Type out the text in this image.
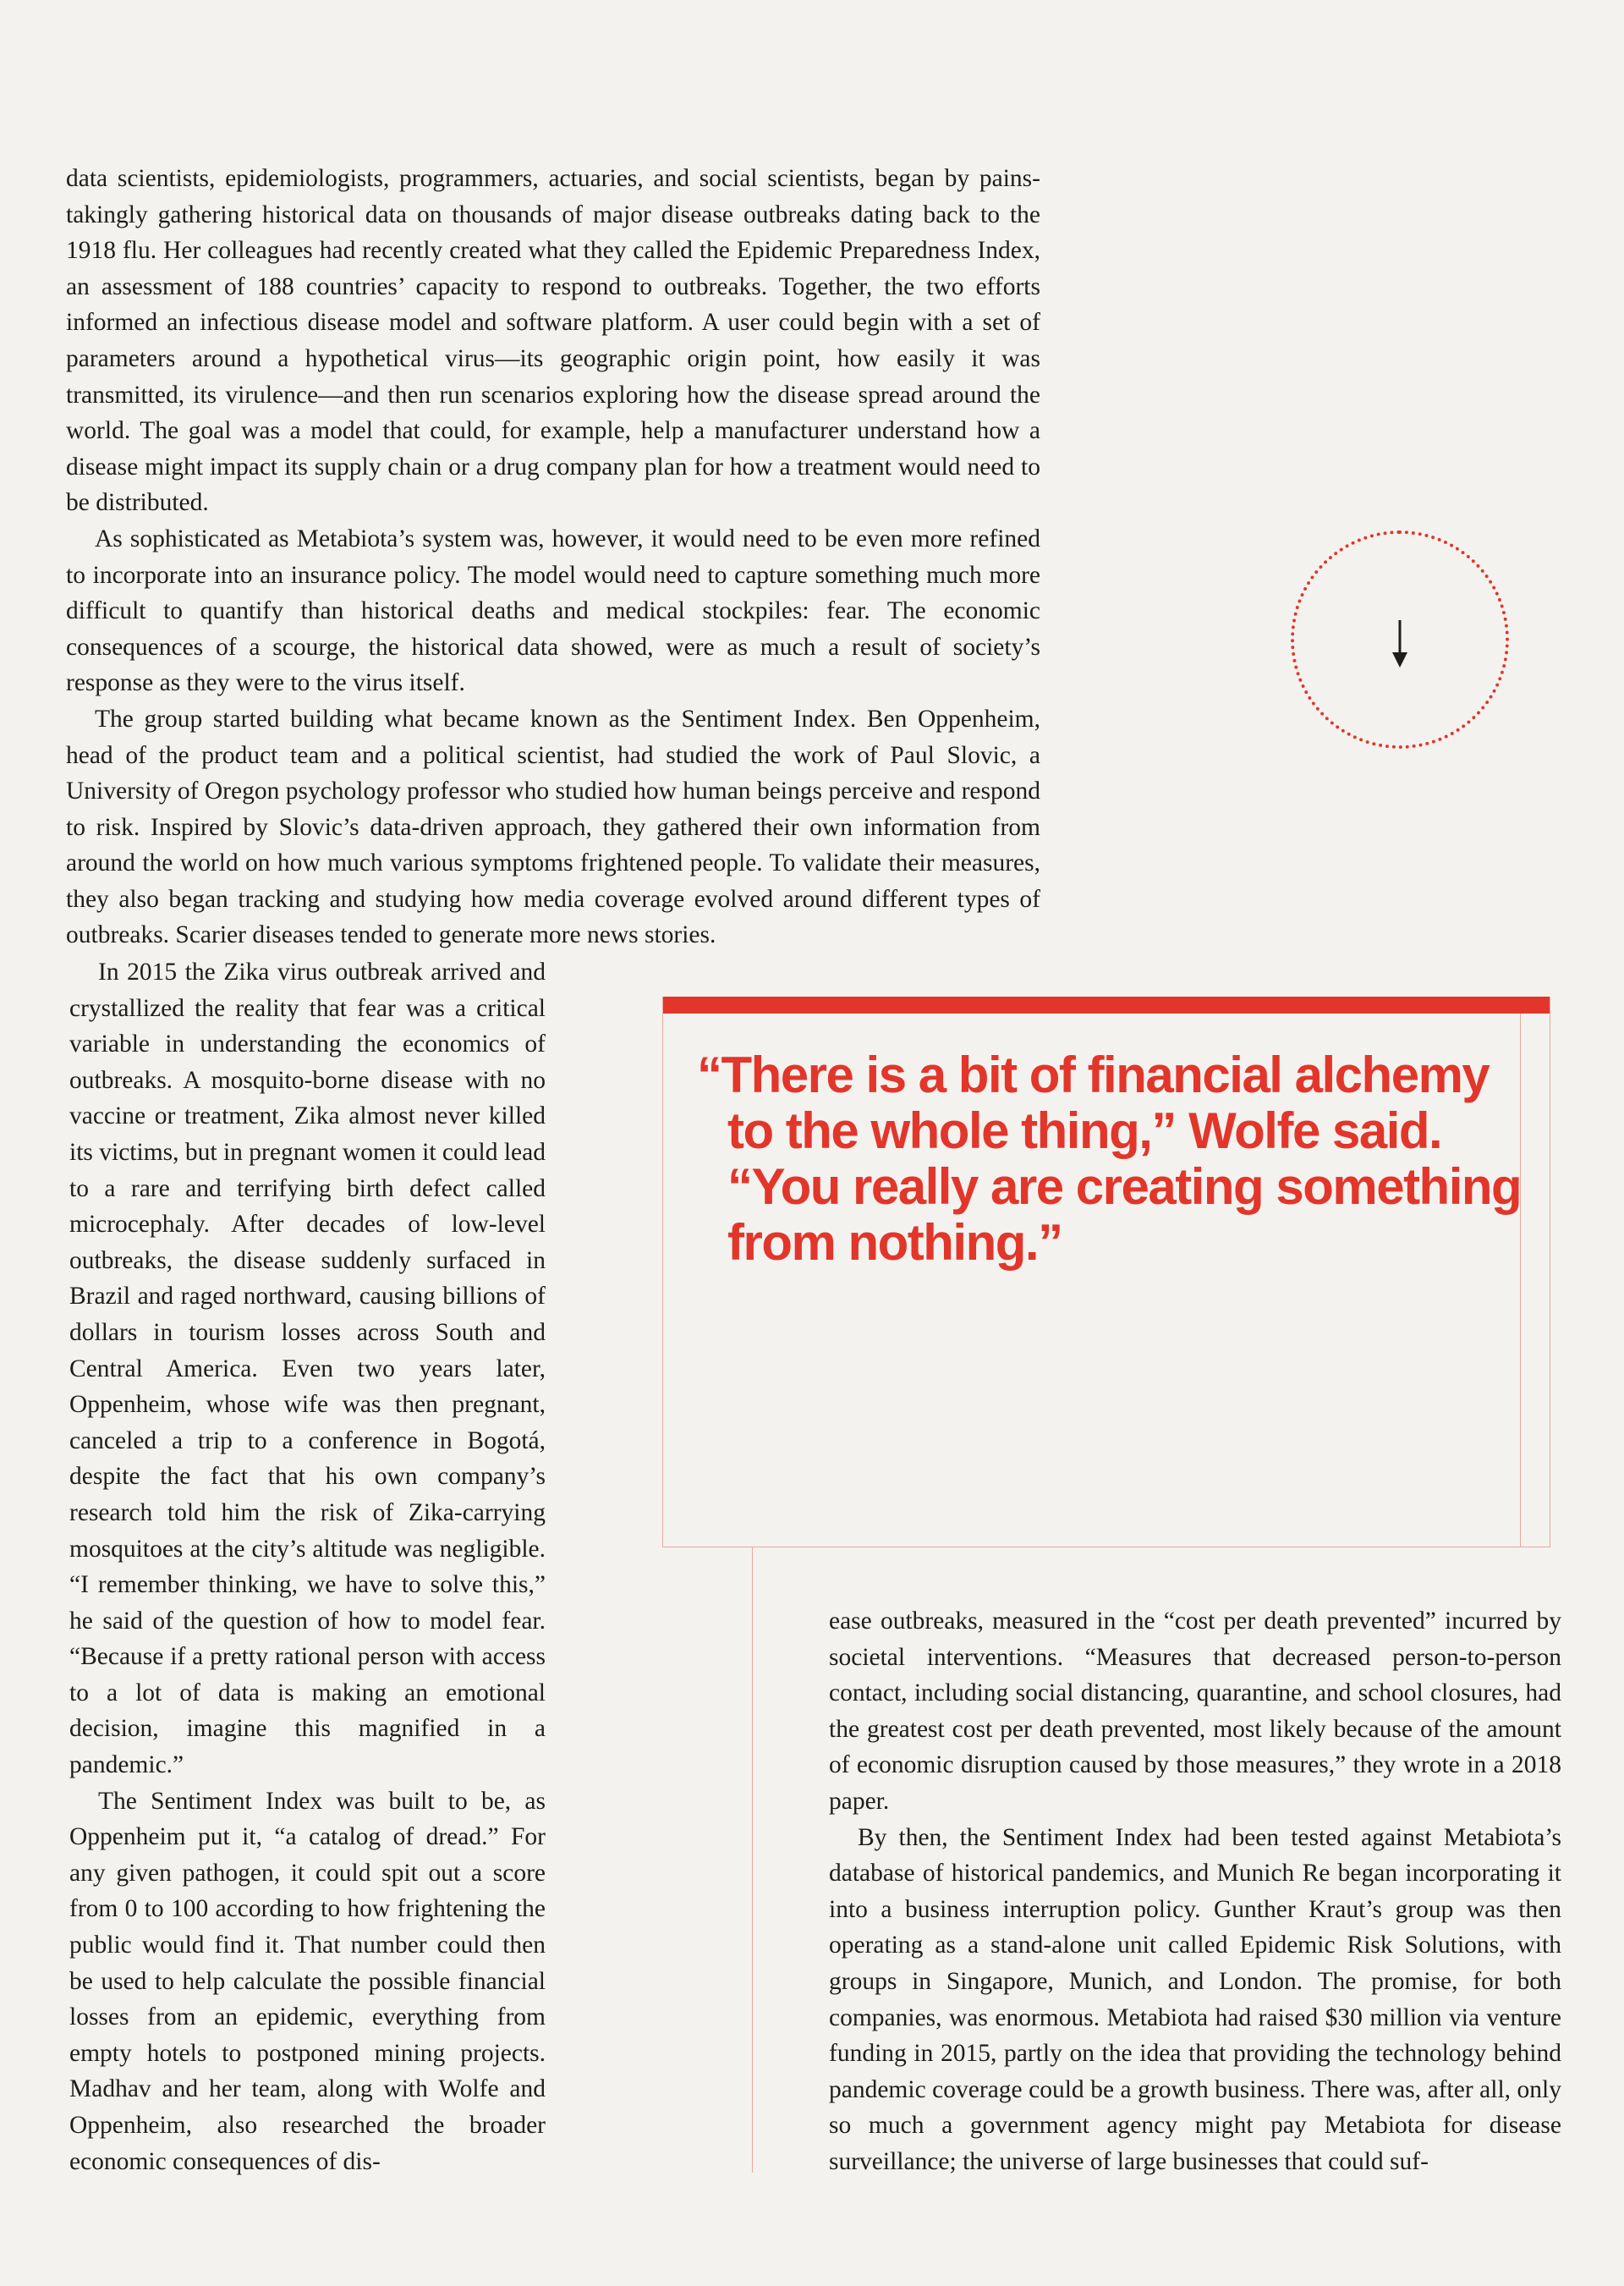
data scientists, epidemiologists, programmers, actuaries, and social scientists, began by painstakingly gathering historical data on thousands of major disease outbreaks dating back to the 1918 flu. Her colleagues had recently created what they called the Epidemic Preparedness Index, an assessment of 188 countries’ capacity to respond to outbreaks. Together, the two efforts informed an infectious disease model and software platform. A user could begin with a set of parameters around a hypothetical virus—its geographic origin point, how easily it was transmitted, its virulence—and then run scenarios exploring how the disease spread around the world. The goal was a model that could, for example, help a manufacturer understand how a disease might impact its supply chain or a drug company plan for how a treatment would need to be distributed.

As sophisticated as Metabiota’s system was, however, it would need to be even more refined to incorporate into an insurance policy. The model would need to capture something much more difficult to quantify than historical deaths and medical stockpiles: fear. The economic consequences of a scourge, the historical data showed, were as much a result of society’s response as they were to the virus itself.

The group started building what became known as the Sentiment Index. Ben Oppenheim, head of the product team and a political scientist, had studied the work of Paul Slovic, a University of Oregon psychology professor who studied how human beings perceive and respond to risk. Inspired by Slovic’s data-driven approach, they gathered their own information from around the world on how much various symptoms frightened people. To validate their measures, they also began tracking and studying how media coverage evolved around different types of outbreaks. Scarier diseases tended to generate more news stories.

In 2015 the Zika virus outbreak arrived and crystallized the reality that fear was a critical variable in understanding the economics of outbreaks. A mosquito-borne disease with no vaccine or treatment, Zika almost never killed its victims, but in pregnant women it could lead to a rare and terrifying birth defect called microcephaly. After decades of low-level outbreaks, the disease suddenly surfaced in Brazil and raged northward, causing billions of dollars in tourism losses across South and Central America. Even two years later, Oppenheim, whose wife was then pregnant, canceled a trip to a conference in Bogotá, despite the fact that his own company’s research told him the risk of Zika-carrying mosquitoes at the city’s altitude was negligible. “I remember thinking, we have to solve this,” he said of the question of how to model fear. “Because if a pretty rational person with access to a lot of data is making an emotional decision, imagine this magnified in a pandemic.”

The Sentiment Index was built to be, as Oppenheim put it, “a catalog of dread.” For any given pathogen, it could spit out a score from 0 to 100 according to how frightening the public would find it. That number could then be used to help calculate the possible financial losses from an epidemic, everything from empty hotels to postponed mining projects. Madhav and her team, along with Wolfe and Oppenheim, also researched the broader economic consequences of dis-

“There is a bit of financial alchemy to the whole thing,” Wolfe said. “You really are creating something from nothing.”

ease outbreaks, measured in the “cost per death prevented” incurred by societal interventions. “Measures that decreased person-to-person contact, including social distancing, quarantine, and school closures, had the greatest cost per death prevented, most likely because of the amount of economic disruption caused by those measures,” they wrote in a 2018 paper.

By then, the Sentiment Index had been tested against Metabiota’s database of historical pandemics, and Munich Re began incorporating it into a business interruption policy. Gunther Kraut’s group was then operating as a stand-alone unit called Epidemic Risk Solutions, with groups in Singapore, Munich, and London. The promise, for both companies, was enormous. Metabiota had raised $30 million via venture funding in 2015, partly on the idea that providing the technology behind pandemic coverage could be a growth business. There was, after all, only so much a government agency might pay Metabiota for disease surveillance; the universe of large businesses that could suf-
